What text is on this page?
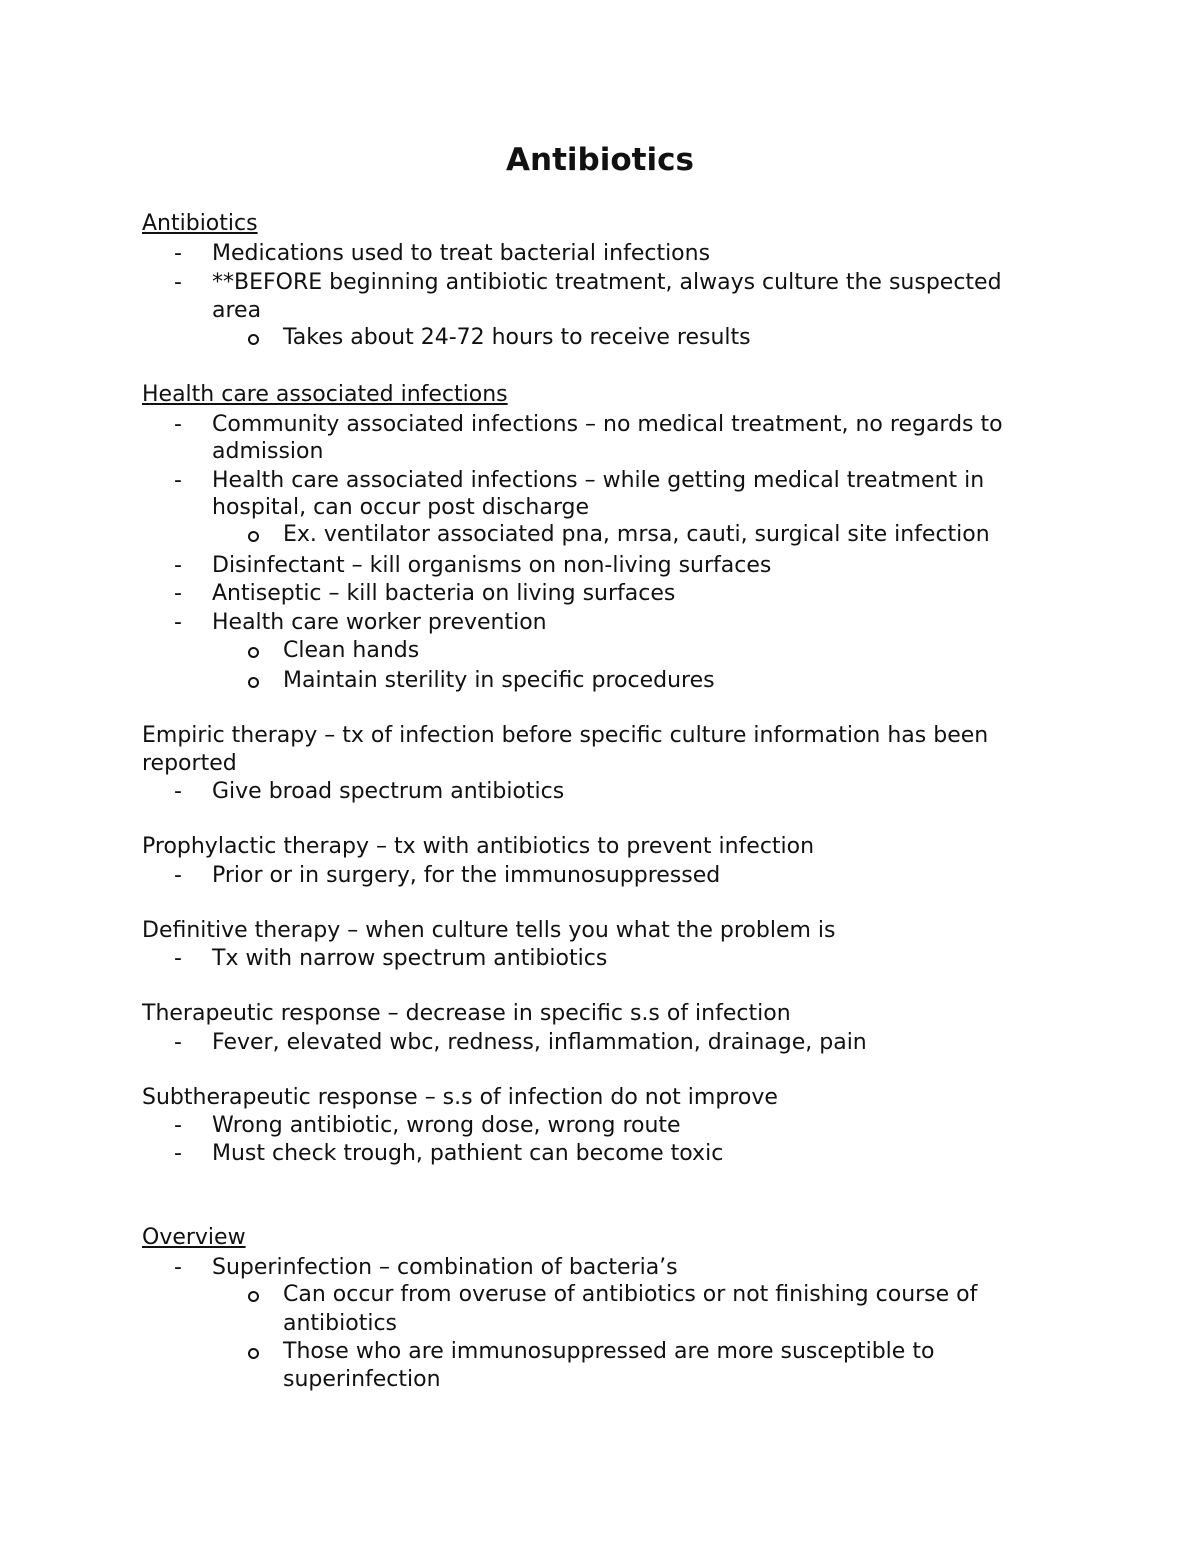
Antibiotics
Antibiotics
- Medications used to treat bacterial infections
- **BEFORE beginning antibiotic treatment, always culture the suspected
area
Takes about 24-72 hours to receive results
Health care associated infections
- Community associated infections – no medical treatment, no regards to
admission
- Health care associated infections – while getting medical treatment in
hospital, can occur post discharge
Ex. ventilator associated pna, mrsa, cauti, surgical site infection
- Disinfectant – kill organisms on non-living surfaces
- Antiseptic – kill bacteria on living surfaces
- Health care worker prevention
Clean hands
Maintain sterility in specific procedures
Empiric therapy – tx of infection before specific culture information has been
reported
- Give broad spectrum antibiotics
Prophylactic therapy – tx with antibiotics to prevent infection
- Prior or in surgery, for the immunosuppressed
Definitive therapy – when culture tells you what the problem is
- Tx with narrow spectrum antibiotics
Therapeutic response – decrease in specific s.s of infection
- Fever, elevated wbc, redness, inflammation, drainage, pain
Subtherapeutic response – s.s of infection do not improve
- Wrong antibiotic, wrong dose, wrong route
- Must check trough, pathient can become toxic
Overview
- Superinfection – combination of bacteria’s
Can occur from overuse of antibiotics or not finishing course of
antibiotics
Those who are immunosuppressed are more susceptible to
superinfection
